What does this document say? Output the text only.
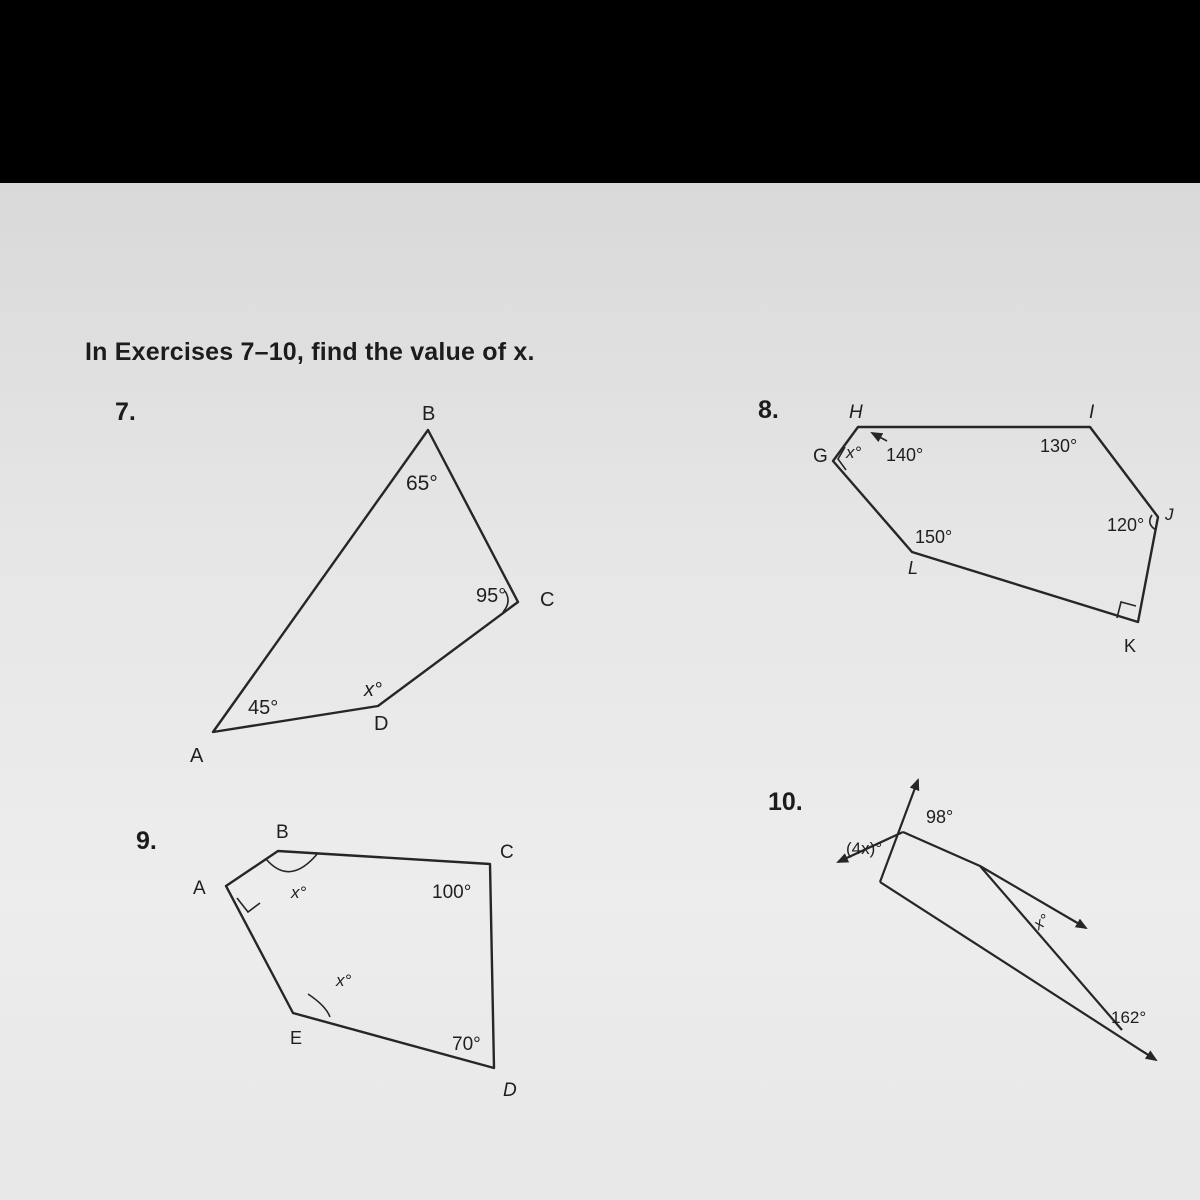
In Exercises 7–10, find the value of x.
7.	8.
9.
10.
B
C
D
A
65°
95°
x°
45°
H	I
G
J
K
L
x° 140°	130°
120°
150°
B
C
A
E
D
x°	100°
x°
70°
98°
(4x)°
x°
162°
